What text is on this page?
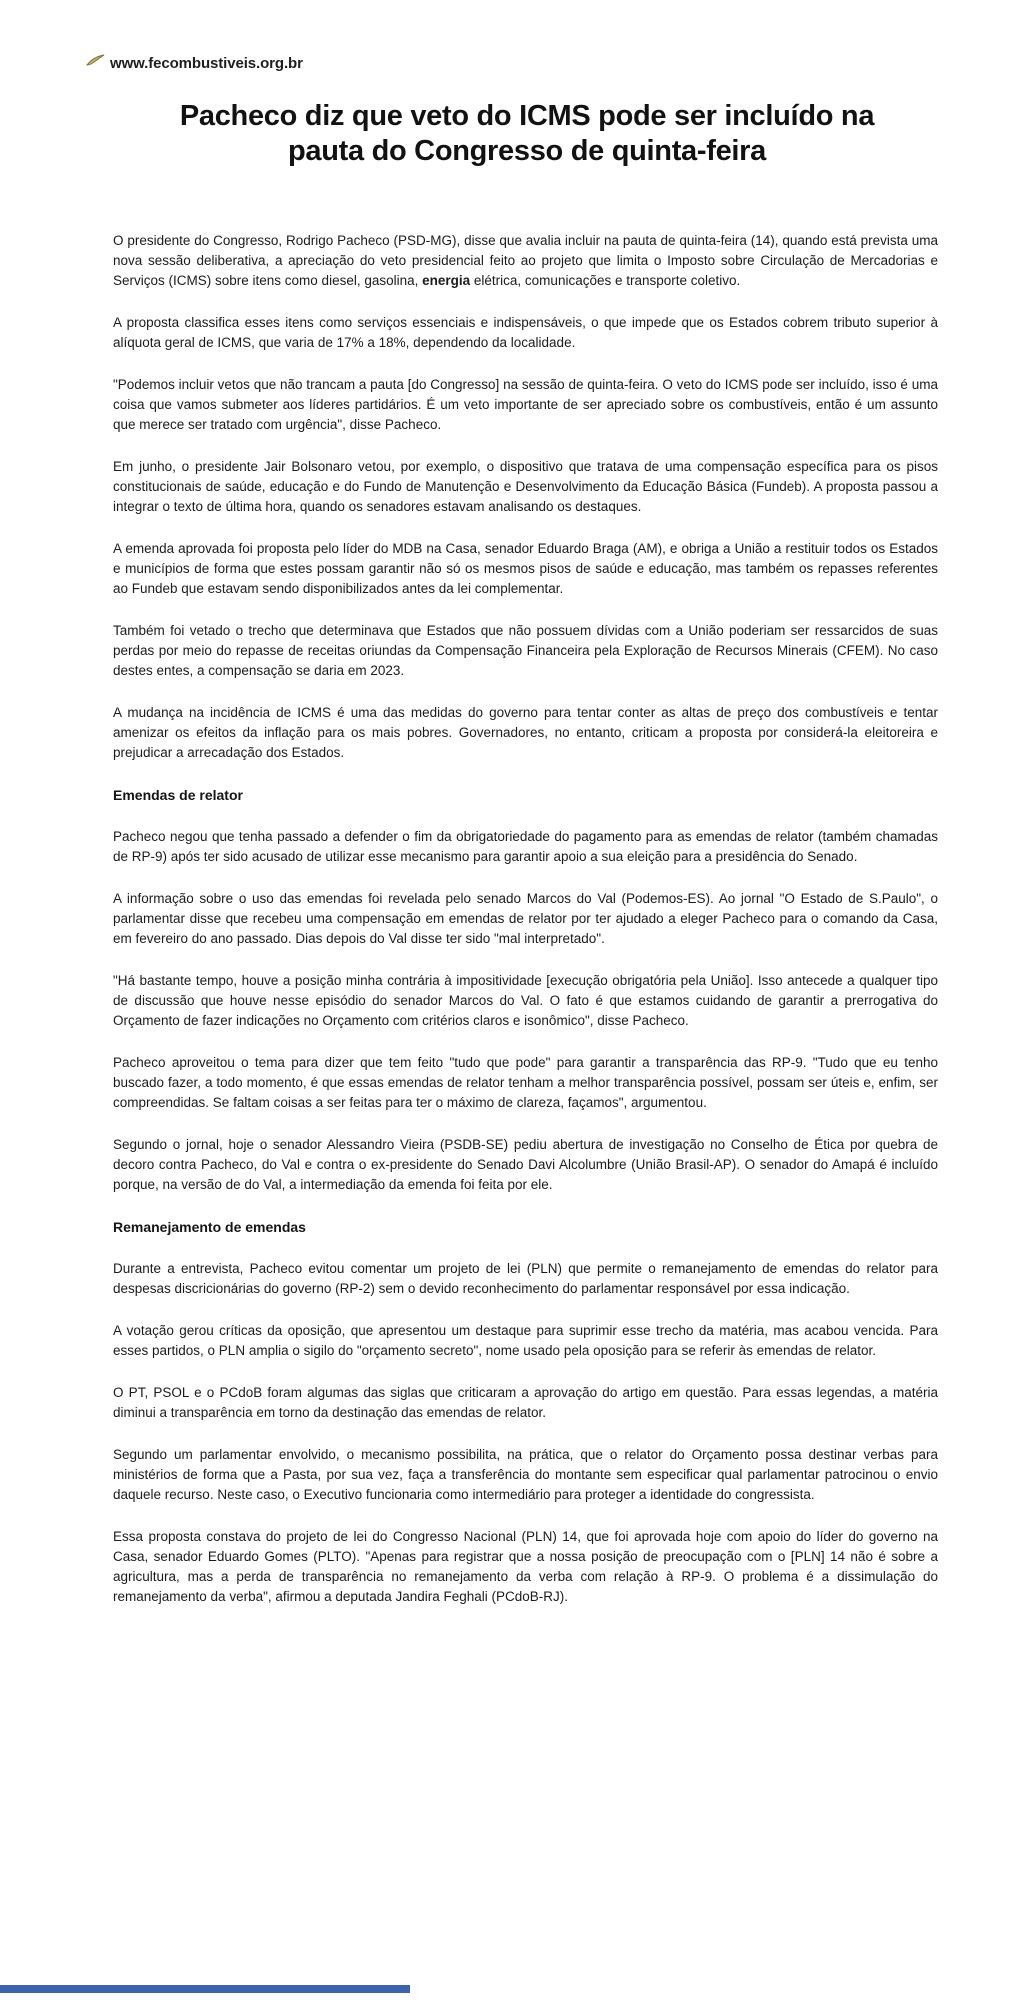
www.fecombustiveis.org.br
Pacheco diz que veto do ICMS pode ser incluído na
pauta do Congresso de quinta-feira

O presidente do Congresso, Rodrigo Pacheco (PSD-MG), disse que avalia incluir na pauta de quinta-feira (14), quando está prevista uma nova sessão deliberativa, a apreciação do veto presidencial feito ao projeto que limita o Imposto sobre Circulação de Mercadorias e Serviços (ICMS) sobre itens como diesel, gasolina, energia elétrica, comunicações e transporte coletivo.

A proposta classifica esses itens como serviços essenciais e indispensáveis, o que impede que os Estados cobrem tributo superior à alíquota geral de ICMS, que varia de 17% a 18%, dependendo da localidade.

"Podemos incluir vetos que não trancam a pauta [do Congresso] na sessão de quinta-feira. O veto do ICMS pode ser incluído, isso é uma coisa que vamos submeter aos líderes partidários. É um veto importante de ser apreciado sobre os combustíveis, então é um assunto que merece ser tratado com urgência", disse Pacheco.

Em junho, o presidente Jair Bolsonaro vetou, por exemplo, o dispositivo que tratava de uma compensação específica para os pisos constitucionais de saúde, educação e do Fundo de Manutenção e Desenvolvimento da Educação Básica (Fundeb). A proposta passou a integrar o texto de última hora, quando os senadores estavam analisando os destaques.

A emenda aprovada foi proposta pelo líder do MDB na Casa, senador Eduardo Braga (AM), e obriga a União a restituir todos os Estados e municípios de forma que estes possam garantir não só os mesmos pisos de saúde e educação, mas também os repasses referentes ao Fundeb que estavam sendo disponibilizados antes da lei complementar.

Também foi vetado o trecho que determinava que Estados que não possuem dívidas com a União poderiam ser ressarcidos de suas perdas por meio do repasse de receitas oriundas da Compensação Financeira pela Exploração de Recursos Minerais (CFEM). No caso destes entes, a compensação se daria em 2023.

A mudança na incidência de ICMS é uma das medidas do governo para tentar conter as altas de preço dos combustíveis e tentar amenizar os efeitos da inflação para os mais pobres. Governadores, no entanto, criticam a proposta por considerá-la eleitoreira e prejudicar a arrecadação dos Estados.

Emendas de relator

Pacheco negou que tenha passado a defender o fim da obrigatoriedade do pagamento para as emendas de relator (também chamadas de RP-9) após ter sido acusado de utilizar esse mecanismo para garantir apoio a sua eleição para a presidência do Senado.

A informação sobre o uso das emendas foi revelada pelo senado Marcos do Val (Podemos-ES). Ao jornal "O Estado de S.Paulo", o parlamentar disse que recebeu uma compensação em emendas de relator por ter ajudado a eleger Pacheco para o comando da Casa, em fevereiro do ano passado. Dias depois do Val disse ter sido "mal interpretado".

"Há bastante tempo, houve a posição minha contrária à impositividade [execução obrigatória pela União]. Isso antecede a qualquer tipo de discussão que houve nesse episódio do senador Marcos do Val. O fato é que estamos cuidando de garantir a prerrogativa do Orçamento de fazer indicações no Orçamento com critérios claros e isonômico", disse Pacheco.

Pacheco aproveitou o tema para dizer que tem feito "tudo que pode" para garantir a transparência das RP-9. "Tudo que eu tenho buscado fazer, a todo momento, é que essas emendas de relator tenham a melhor transparência possível, possam ser úteis e, enfim, ser compreendidas. Se faltam coisas a ser feitas para ter o máximo de clareza, façamos", argumentou.

Segundo o jornal, hoje o senador Alessandro Vieira (PSDB-SE) pediu abertura de investigação no Conselho de Ética por quebra de decoro contra Pacheco, do Val e contra o ex-presidente do Senado Davi Alcolumbre (União Brasil-AP). O senador do Amapá é incluído porque, na versão de do Val, a intermediação da emenda foi feita por ele.

Remanejamento de emendas

Durante a entrevista, Pacheco evitou comentar um projeto de lei (PLN) que permite o remanejamento de emendas do relator para despesas discricionárias do governo (RP-2) sem o devido reconhecimento do parlamentar responsável por essa indicação.

A votação gerou críticas da oposição, que apresentou um destaque para suprimir esse trecho da matéria, mas acabou vencida. Para esses partidos, o PLN amplia o sigilo do "orçamento secreto", nome usado pela oposição para se referir às emendas de relator.

O PT, PSOL e o PCdoB foram algumas das siglas que criticaram a aprovação do artigo em questão. Para essas legendas, a matéria diminui a transparência em torno da destinação das emendas de relator.

Segundo um parlamentar envolvido, o mecanismo possibilita, na prática, que o relator do Orçamento possa destinar verbas para ministérios de forma que a Pasta, por sua vez, faça a transferência do montante sem especificar qual parlamentar patrocinou o envio daquele recurso. Neste caso, o Executivo funcionaria como intermediário para proteger a identidade do congressista.

Essa proposta constava do projeto de lei do Congresso Nacional (PLN) 14, que foi aprovada hoje com apoio do líder do governo na Casa, senador Eduardo Gomes (PLTO). "Apenas para registrar que a nossa posição de preocupação com o [PLN] 14 não é sobre a agricultura, mas a perda de transparência no remanejamento da verba com relação à RP-9. O problema é a dissimulação do remanejamento da verba", afirmou a deputada Jandira Feghali (PCdoB-RJ).
